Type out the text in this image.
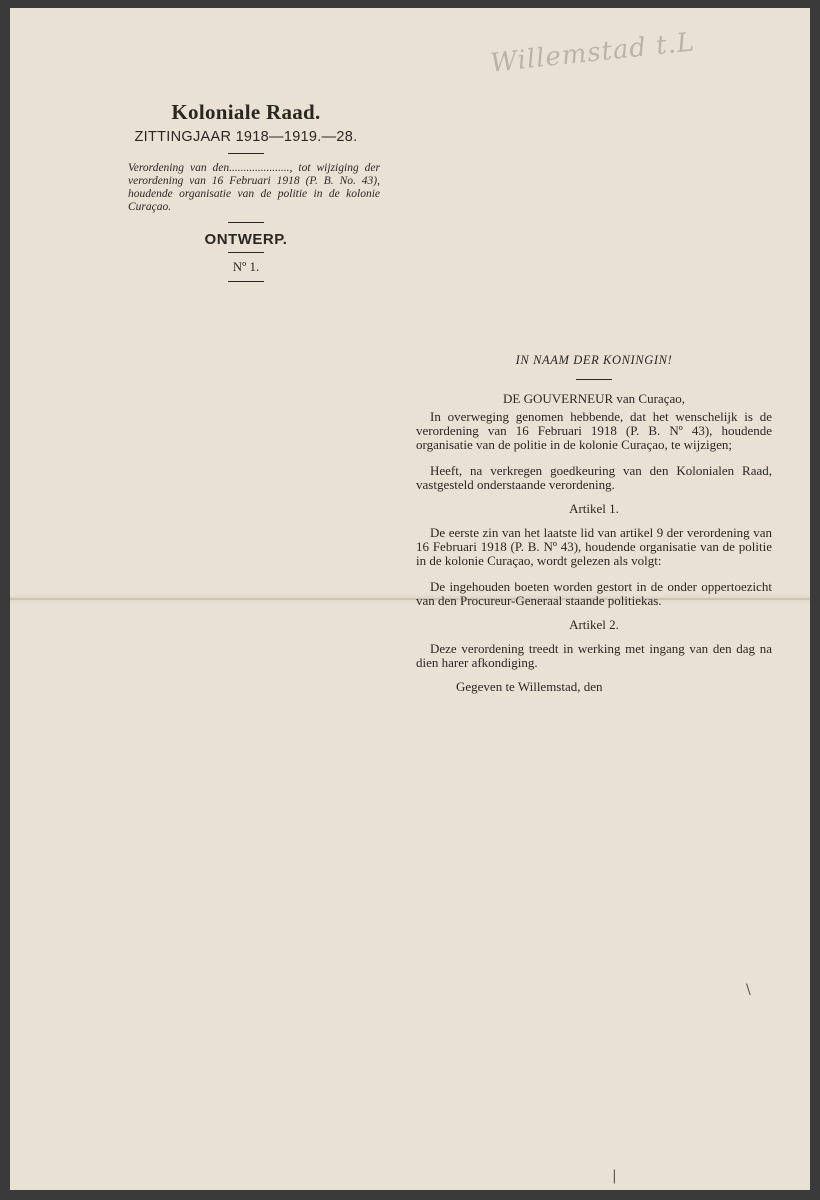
Willemstad t.L
Koloniale Raad.
ZITTINGJAAR 1918—1919.—28.
Verordening van den....................., tot wijziging der verordening van 16 Februari 1918 (P. B. No. 43), houdende organisatie van de politie in de kolonie Curaçao.
ONTWERP.
Nº 1.
IN NAAM DER KONINGIN!
DE GOUVERNEUR van Curaçao,

In overweging genomen hebbende, dat het wenschelijk is de verordening van 16 Februari 1918 (P. B. Nº 43), houdende organisatie van de politie in de kolonie Curaçao, te wijzigen;

Heeft, na verkregen goedkeuring van den Kolonialen Raad, vastgesteld onderstaande verordening.

Artikel 1.

De eerste zin van het laatste lid van artikel 9 der verordening van 16 Februari 1918 (P. B. Nº 43), houdende organisatie van de politie in de kolonie Curaçao, wordt gelezen als volgt:

De ingehouden boeten worden gestort in de onder oppertoezicht van den Procureur-Generaal staande politiekas.

Artikel 2.

Deze verordening treedt in werking met ingang van den dag na dien harer afkondiging.

Gegeven te Willemstad, den

\
|
